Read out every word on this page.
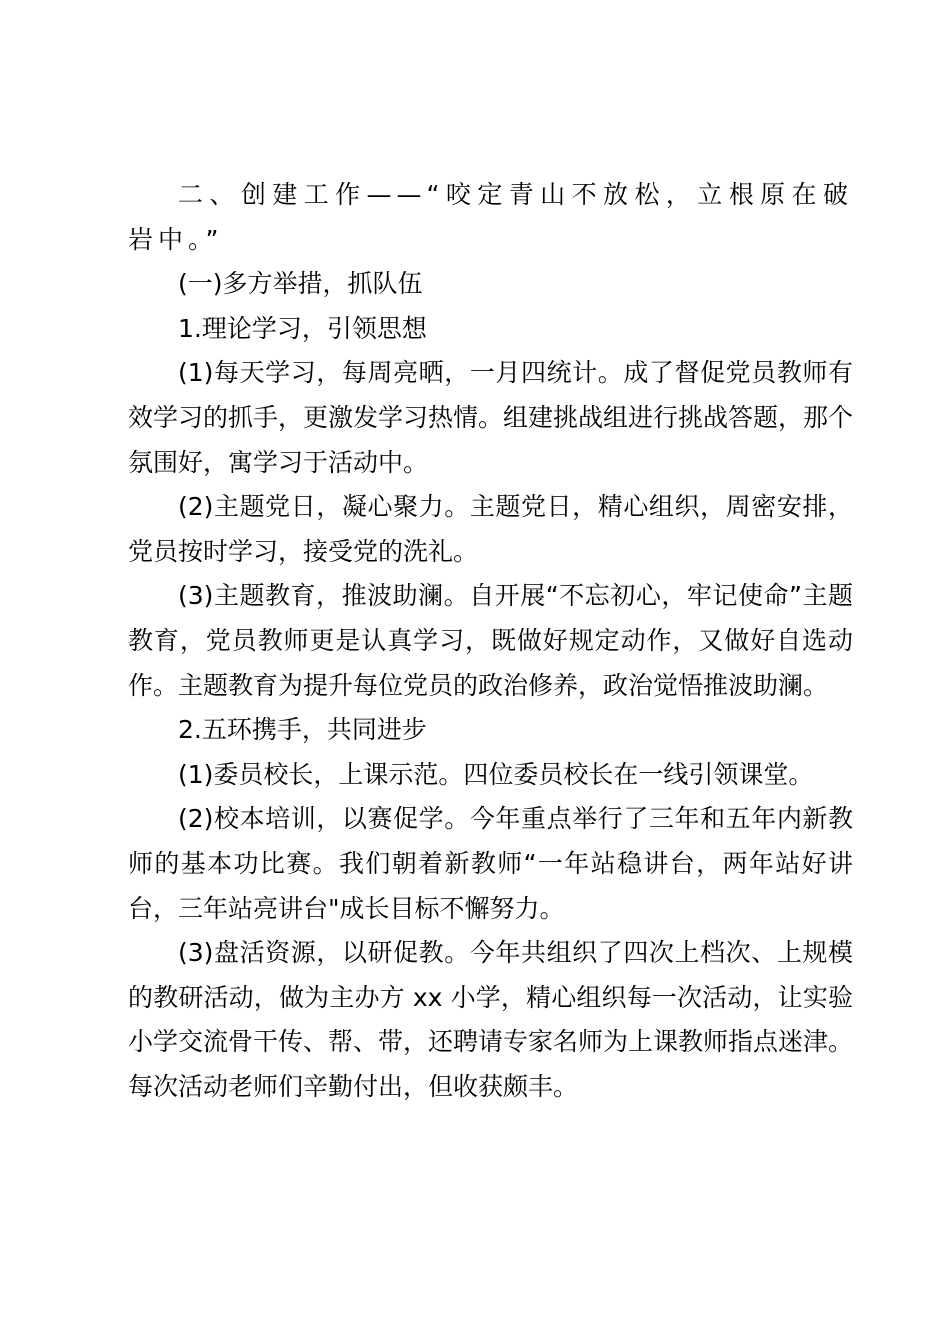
二、创建工作——“咬定青山不放松，立根原在破岩中。”

(一)多方举措，抓队伍

1.理论学习，引领思想

(1)每天学习，每周亮晒，一月四统计。成了督促党员教师有效学习的抓手，更激发学习热情。组建挑战组进行挑战答题，那个氛围好，寓学习于活动中。

(2)主题党日，凝心聚力。主题党日，精心组织，周密安排，党员按时学习，接受党的洗礼。

(3)主题教育，推波助澜。自开展“不忘初心，牢记使命”主题教育，党员教师更是认真学习，既做好规定动作，又做好自选动作。主题教育为提升每位党员的政治修养，政治觉悟推波助澜。

2.五环携手，共同进步

(1)委员校长，上课示范。四位委员校长在一线引领课堂。

(2)校本培训，以赛促学。今年重点举行了三年和五年内新教师的基本功比赛。我们朝着新教师“一年站稳讲台，两年站好讲台，三年站亮讲台"成长目标不懈努力。

(3)盘活资源，以研促教。今年共组织了四次上档次、上规模的教研活动，做为主办方 xx 小学，精心组织每一次活动，让实验小学交流骨干传、帮、带，还聘请专家名师为上课教师指点迷津。每次活动老师们辛勤付出，但收获颇丰。
